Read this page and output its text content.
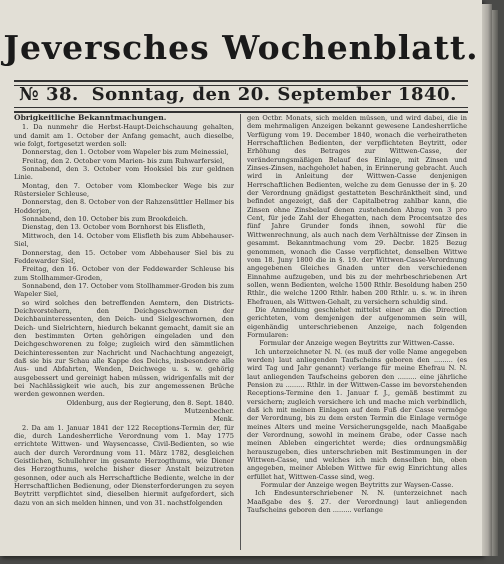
Jeversches Wochenblatt.
№ 38. Sonntag, den 20. September 1840.

Obrigkeitliche Bekanntmachungen.

1. Da nunmehr die Herbst-Haupt-Deichschauung gehalten, und damit am 1. October der Anfang gemacht, auch dieselbe, wie folgt, fortgesetzt werden soll:

Donnerstag, den 1. October vom Wapeler bis zum Meinessiel,

Freitag, den 2. October vom Marien- bis zum Ruhwarfersiel,

Sonnabend, den 3. October vom Hooksiel bis zur geldnen Linie.

Montag, den 7. October vom Klombecker Wege bis zur Rüstersieler Schleuse,

Donnerstag, den 8. October von der Rahzensüttler Hellmer bis Hodderjen,

Sonnabend, den 10. October bis zum Brookdeich.

Dienstag, den 13. October vom Bornhorst bis Elisfleth,

Mittwoch, den 14. October vom Elisfleth bis zum Abbehauser-Siel,

Donnerstag, den 15. October vom Abbehauser Siel bis zu Feddewarder Siel,

Freitag, den 16. October von der Feddewarder Schleuse bis zum Stollhammer-Groden,

Sonnabend, den 17. October vom Stollhammer-Groden bis zum Wapeler Siel,

so wird solches den betreffenden Aemtern, den Districts-Deichvorstehern, den Deichgeschwornen der Deichbauinteressenten, den Deich- und Sielgeschwornen, den Deich- und Sielrichtern, hiedurch bekannt gemacht, damit sie an den bestimmten Orten gehörigen eingeladen und den Deichgeschworenen zu folge; zugleich wird den sämmtlichen Deichinteressenten zur Nachricht und Nachachtung angezeigt, daß sie bis zur Schau alle Kappe des Deichs, insbesondere alle Aus- und Abfahrten, Wenden, Deichwege u. s. w. gehörig ausgebessert und gereinigt haben müssen, widrigenfalls mit der bei Nachlässigkeit wie auch, bis zur angemessenen Brüche werden gewonnen werden.

Oldenburg, aus der Regierung, den 8. Sept. 1840.

Mutzenbecher.

Menk.

2. Da am 1. Januar 1841 der 122 Receptions-Termin der, für die, durch Landesherrliche Verordnung vom 1. May 1775 errichtete Wittwen- und Waysencasse, Civil-Bedienten, so wie auch der durch Verordnung vom 11. März 1782, desgleichen Geistlichen, Schullehrer im gesamte Herzogthums, wie Diener des Herzogthums, welche bisher dieser Anstalt beizutreten gesonnen, oder auch als Herrschaftliche Bediente, welche in der Herrschaftlichen Bedienung, oder Diensterforderungen zu seyen Beytritt verpflichtet sind, dieselben hiermit aufgefordert, sich dazu von an sich melden hinnen, und von 31. nachstfolgenden

gen Octbr. Monats, sich melden müssen, und wird dabei, die in dem mehrmaligen Anzeigen bekannt gewesene Landesherrliche Verfügung vom 19. December 1840, wonach die verheiratheten Herrschaftlichen Bedienten, der verpflichteten Beytritt, oder Erhöhung des Betrages zur Wittwen-Casse, der veränderungsmäßigen Belauf des Einlage, mit Zinsen und Zinses-Zinsen, nachgeholet haben, in Erinnerung gebracht. Auch wird in Anleitung der Wittwen-Casse denjenigen Herrschaftlichen Bedienten, welche zu dem Genusse der in §. 20 der Verordnung gnädigst gestatteten Beschränktheit sind, und befindet angezeigt, daß der Capitalbetrag zahlbar kann, die Zinsen ohne Zinsbelauf denen zustehenden Abzug von 3 pro Cent, für jede Zahl der Ehegatten, nach dem Procentsatze des fünf Jahre Grunder fonds ihnen, sowohl für die Wittwenrechnung, als auch nach dem Verhältnisse der Zinsen in gesammt. Bekanntmachung vom 29. Decbr. 1825 Bezug genommen, wonach die Casse verpflichtet, denselben Wittwe vom 18. Juny 1800 die in §. 19. der Wittwen-Casse-Verordnung angegebenen Gleiches Gnaden unter den verschiedenen Einnahme aufzugeben, und bis zu der mehrbeschriebenen Art sollen, wenn Bedienten, welche 1500 Rthlr. Besoldung haben 250 Rthlr., die welche 1200 Rthlr. haben 200 Rthlr. u. s. w. in ihren Ehefrauen, als Wittwen-Gehalt, zu versichern schuldig sind.

Die Anmeldung geschiehet mittelst einer an die Direction gerichteten, vom demjenigen der aufgenommen sein will, eigenhändig unterschriebenen Anzeige, nach folgenden Formularen:

Formular der Anzeige wegen Beytritts zur Wittwen-Casse.

Ich unterzeichneter N. N. (es muß der volle Name angegeben werden) laut anliegenden Taufscheins geboren den ......... (es wird Tag und Jahr genannt) verlange für meine Ehefrau N. N. laut anliegenden Taufscheins geboren den ......... eine jährliche Pension zu ......... Rthlr. in der Wittwen-Casse im bevorstehenden Receptions-Termine den 1. Januar f. J., gemäß bestimmt zu versichern; zugleich versichere ich und mache mich verbindlich, daß ich mit meinen Einlagen auf dem Fuß der Casse vermöge der Verordnung, bis zu dem ersten Termin die Einlage vermöge meines Alters und meine Versicherungsgelde, nach Maaßgabe der Verordnung, sowohl in meinem Grabe, oder Casse nach meinen Ableben eingerichtet werde; dies ordnungsmäßig herauszugeben, dies unterschrieben mit Bestimmungen in der Wittwen-Casse, und welches ich mich denselben bin, oben angegeben, meiner Ableben Wittwe für ewig Einrichtung alles erfüllet hat, Wittwen-Casse sind, weg.

Formular der Anzeige wegen Beytritts zur Waysen-Casse.

Ich Endesunterschriebener N. N. (unterzeichnet nach Maaßgabe des §. 27. der Verordnung) laut anliegenden Taufscheins geboren den ......... verlange
